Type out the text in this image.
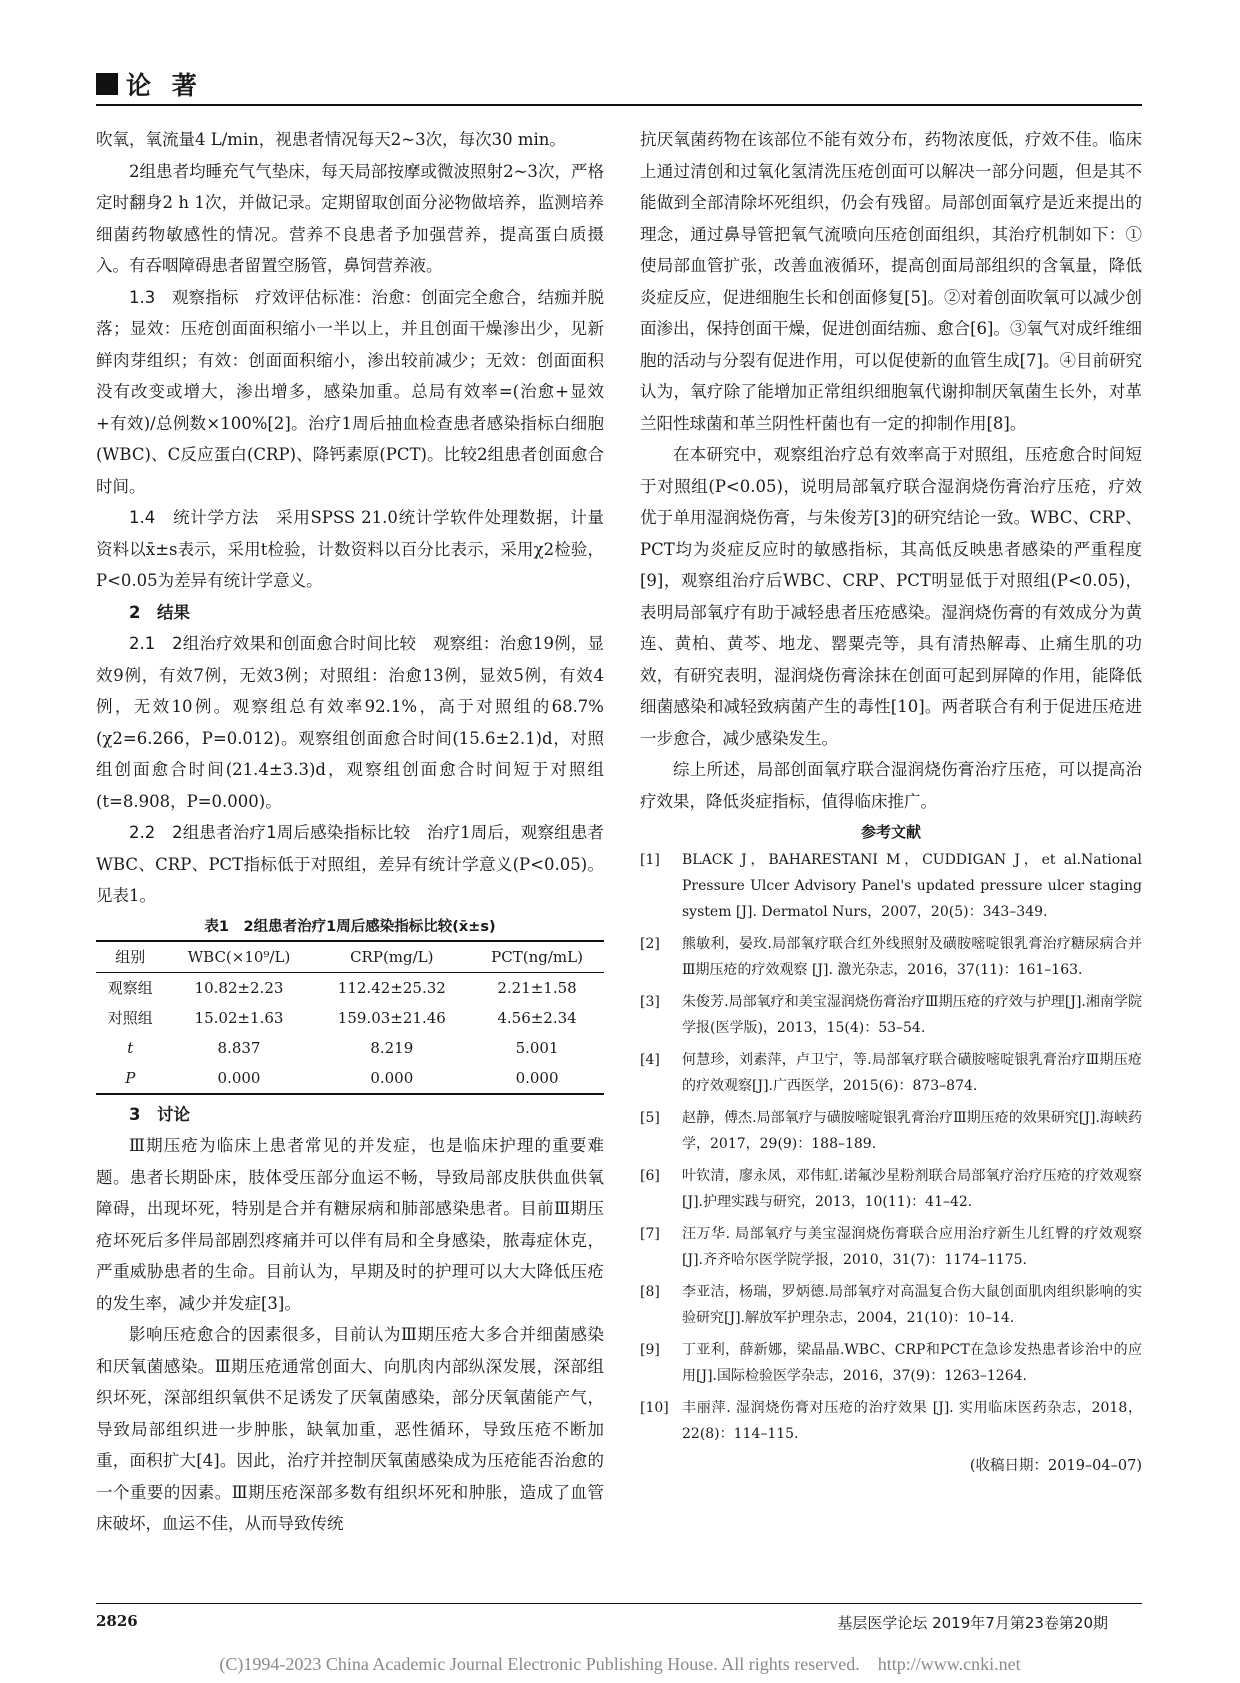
论 著

吹氧，氧流量4 L/min，视患者情况每天2~3次，每次30 min。

2组患者均睡充气气垫床，每天局部按摩或微波照射2~3次，严格定时翻身2 h 1次，并做记录。定期留取创面分泌物做培养，监测培养细菌药物敏感性的情况。营养不良患者予加强营养，提高蛋白质摄入。有吞咽障碍患者留置空肠管，鼻饲营养液。

1.3　观察指标　疗效评估标准：治愈：创面完全愈合，结痂并脱落；显效：压疮创面面积缩小一半以上，并且创面干燥渗出少，见新鲜肉芽组织；有效：创面面积缩小，渗出较前减少；无效：创面面积没有改变或增大，渗出增多，感染加重。总局有效率=(治愈+显效+有效)/总例数×100%[2]。治疗1周后抽血检查患者感染指标白细胞(WBC)、C反应蛋白(CRP)、降钙素原(PCT)。比较2组患者创面愈合时间。

1.4　统计学方法　采用SPSS 21.0统计学软件处理数据，计量资料以x̄±s表示，采用t检验，计数资料以百分比表示，采用χ2检验，P<0.05为差异有统计学意义。

2　结果

2.1　2组治疗效果和创面愈合时间比较　观察组：治愈19例，显效9例，有效7例，无效3例；对照组：治愈13例，显效5例，有效4例，无效10例。观察组总有效率92.1%，高于对照组的68.7%(χ2=6.266，P=0.012)。观察组创面愈合时间(15.6±2.1)d，对照组创面愈合时间(21.4±3.3)d，观察组创面愈合时间短于对照组(t=8.908，P=0.000)。

2.2　2组患者治疗1周后感染指标比较　治疗1周后，观察组患者WBC、CRP、PCT指标低于对照组，差异有统计学意义(P<0.05)。见表1。

表1　2组患者治疗1周后感染指标比较(x̄±s)
组别	WBC(×10⁹/L)	CRP(mg/L)	PCT(ng/mL)
观察组	10.82±2.23	112.42±25.32	2.21±1.58
对照组	15.02±1.63	159.03±21.46	4.56±2.34
t	8.837	8.219	5.001
P	0.000	0.000	0.000
3　讨论

Ⅲ期压疮为临床上患者常见的并发症，也是临床护理的重要难题。患者长期卧床，肢体受压部分血运不畅，导致局部皮肤供血供氧障碍，出现坏死，特别是合并有糖尿病和肺部感染患者。目前Ⅲ期压疮坏死后多伴局部剧烈疼痛并可以伴有局和全身感染，脓毒症休克，严重威胁患者的生命。目前认为，早期及时的护理可以大大降低压疮的发生率，减少并发症[3]。

影响压疮愈合的因素很多，目前认为Ⅲ期压疮大多合并细菌感染和厌氧菌感染。Ⅲ期压疮通常创面大、向肌肉内部纵深发展，深部组织坏死，深部组织氧供不足诱发了厌氧菌感染，部分厌氧菌能产气，导致局部组织进一步肿胀，缺氧加重，恶性循环，导致压疮不断加重，面积扩大[4]。因此，治疗并控制厌氧菌感染成为压疮能否治愈的一个重要的因素。Ⅲ期压疮深部多数有组织坏死和肿胀，造成了血管床破坏，血运不佳，从而导致传统

抗厌氧菌药物在该部位不能有效分布，药物浓度低，疗效不佳。临床上通过清创和过氧化氢清洗压疮创面可以解决一部分问题，但是其不能做到全部清除坏死组织，仍会有残留。局部创面氧疗是近来提出的理念，通过鼻导管把氧气流喷向压疮创面组织，其治疗机制如下：①使局部血管扩张，改善血液循环，提高创面局部组织的含氧量，降低炎症反应，促进细胞生长和创面修复[5]。②对着创面吹氧可以减少创面渗出，保持创面干燥，促进创面结痂、愈合[6]。③氧气对成纤维细胞的活动与分裂有促进作用，可以促使新的血管生成[7]。④目前研究认为，氧疗除了能增加正常组织细胞氧代谢抑制厌氧菌生长外，对革兰阳性球菌和革兰阴性杆菌也有一定的抑制作用[8]。

在本研究中，观察组治疗总有效率高于对照组，压疮愈合时间短于对照组(P<0.05)，说明局部氧疗联合湿润烧伤膏治疗压疮，疗效优于单用湿润烧伤膏，与朱俊芳[3]的研究结论一致。WBC、CRP、PCT均为炎症反应时的敏感指标，其高低反映患者感染的严重程度[9]，观察组治疗后WBC、CRP、PCT明显低于对照组(P<0.05)，表明局部氧疗有助于减轻患者压疮感染。湿润烧伤膏的有效成分为黄连、黄柏、黄芩、地龙、罂粟壳等，具有清热解毒、止痛生肌的功效，有研究表明，湿润烧伤膏涂抹在创面可起到屏障的作用，能降低细菌感染和减轻致病菌产生的毒性[10]。两者联合有利于促进压疮进一步愈合，减少感染发生。

综上所述，局部创面氧疗联合湿润烧伤膏治疗压疮，可以提高治疗效果，降低炎症指标，值得临床推广。

参考文献
[1]	BLACK J，BAHARESTANI M，CUDDIGAN J，et al.National Pressure Ulcer Advisory Panel's updated pressure ulcer staging system [J]. Dermatol Nurs，2007，20(5)：343–349.
[2]	熊敏利，晏玫.局部氧疗联合红外线照射及磺胺嘧啶银乳膏治疗糖尿病合并Ⅲ期压疮的疗效观察 [J]. 激光杂志，2016，37(11)：161–163.
[3]	朱俊芳.局部氧疗和美宝湿润烧伤膏治疗Ⅲ期压疮的疗效与护理[J].湘南学院学报(医学版)，2013，15(4)：53–54.
[4]	何慧珍，刘素萍，卢卫宁，等.局部氧疗联合磺胺嘧啶银乳膏治疗Ⅲ期压疮的疗效观察[J].广西医学，2015(6)：873–874.
[5]	赵静，傅杰.局部氧疗与磺胺嘧啶银乳膏治疗Ⅲ期压疮的效果研究[J].海峡药学，2017，29(9)：188–189.
[6]	叶钦清，廖永凤，邓伟虹.诺氟沙星粉剂联合局部氧疗治疗压疮的疗效观察[J].护理实践与研究，2013，10(11)：41–42.
[7]	汪万华. 局部氧疗与美宝湿润烧伤膏联合应用治疗新生儿红臀的疗效观察[J].齐齐哈尔医学院学报，2010，31(7)：1174–1175.
[8]	李亚洁，杨瑞，罗炳德.局部氧疗对高温复合伤大鼠创面肌肉组织影响的实验研究[J].解放军护理杂志，2004，21(10)：10–14.
[9]	丁亚利，薛新娜，梁晶晶.WBC、CRP和PCT在急诊发热患者诊治中的应用[J].国际检验医学杂志，2016，37(9)：1263–1264.
[10] 丰丽萍. 湿润烧伤膏对压疮的治疗效果 [J]. 实用临床医药杂志，2018，22(8)：114–115.
(收稿日期：2019–04–07)
2826	基层医学论坛 2019年7月第23卷第20期
(C)1994-2023 China Academic Journal Electronic Publishing House. All rights reserved.　http://www.cnki.net
